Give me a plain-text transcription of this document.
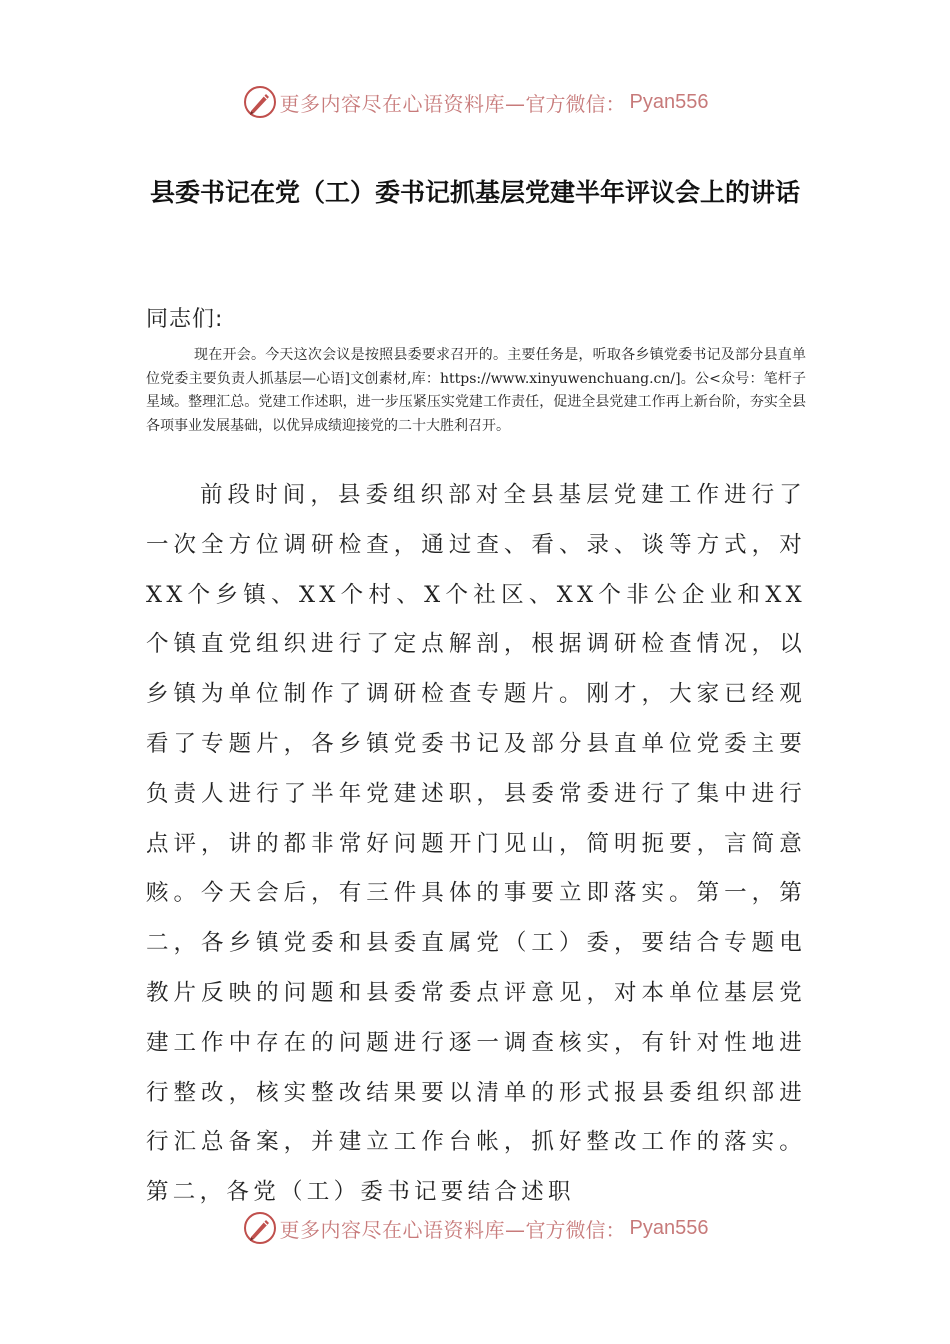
更多内容尽在心语资料库— 官方微信： Pyan556
县委书记在党（工）委书记抓基层党建半年评议会上的讲话

同志们:

现在开会。今天这次会议是按照县委要求召开的。主要任务是，听取各乡镇党委书记及部分县直单位党委主要负责人抓基层—心语]文创素材,库：https://www.xinyuwenchuang.cn/]。公<众号：笔杆子星域。整理汇总。党建工作述职，进一步压紧压实党建工作责任，促进全县党建工作再上新台阶，夯实全县各项事业发展基础，以优异成绩迎接党的二十大胜利召开。

前段时间，县委组织部对全县基层党建工作进行了一次全方位调研检查，通过查、看、录、谈等方式，对XX个乡镇、XX个村、X个社区、XX个非公企业和XX个镇直党组织进行了定点解剖，根据调研检查情况，以乡镇为单位制作了调研检查专题片。刚才，大家已经观看了专题片，各乡镇党委书记及部分县直单位党委主要负责人进行了半年党建述职，县委常委进行了集中进行点评，讲的都非常好问题开门见山，简明扼要，言简意赅。今天会后，有三件具体的事要立即落实。第一，第二，各乡镇党委和县委直属党（工）委，要结合专题电教片反映的问题和县委常委点评意见，对本单位基层党建工作中存在的问题进行逐一调查核实，有针对性地进行整改，核实整改结果要以清单的形式报县委组织部进行汇总备案，并建立工作台帐，抓好整改工作的落实。第二，各党（工）委书记要结合述职

更多内容尽在心语资料库— 官方微信： Pyan556
